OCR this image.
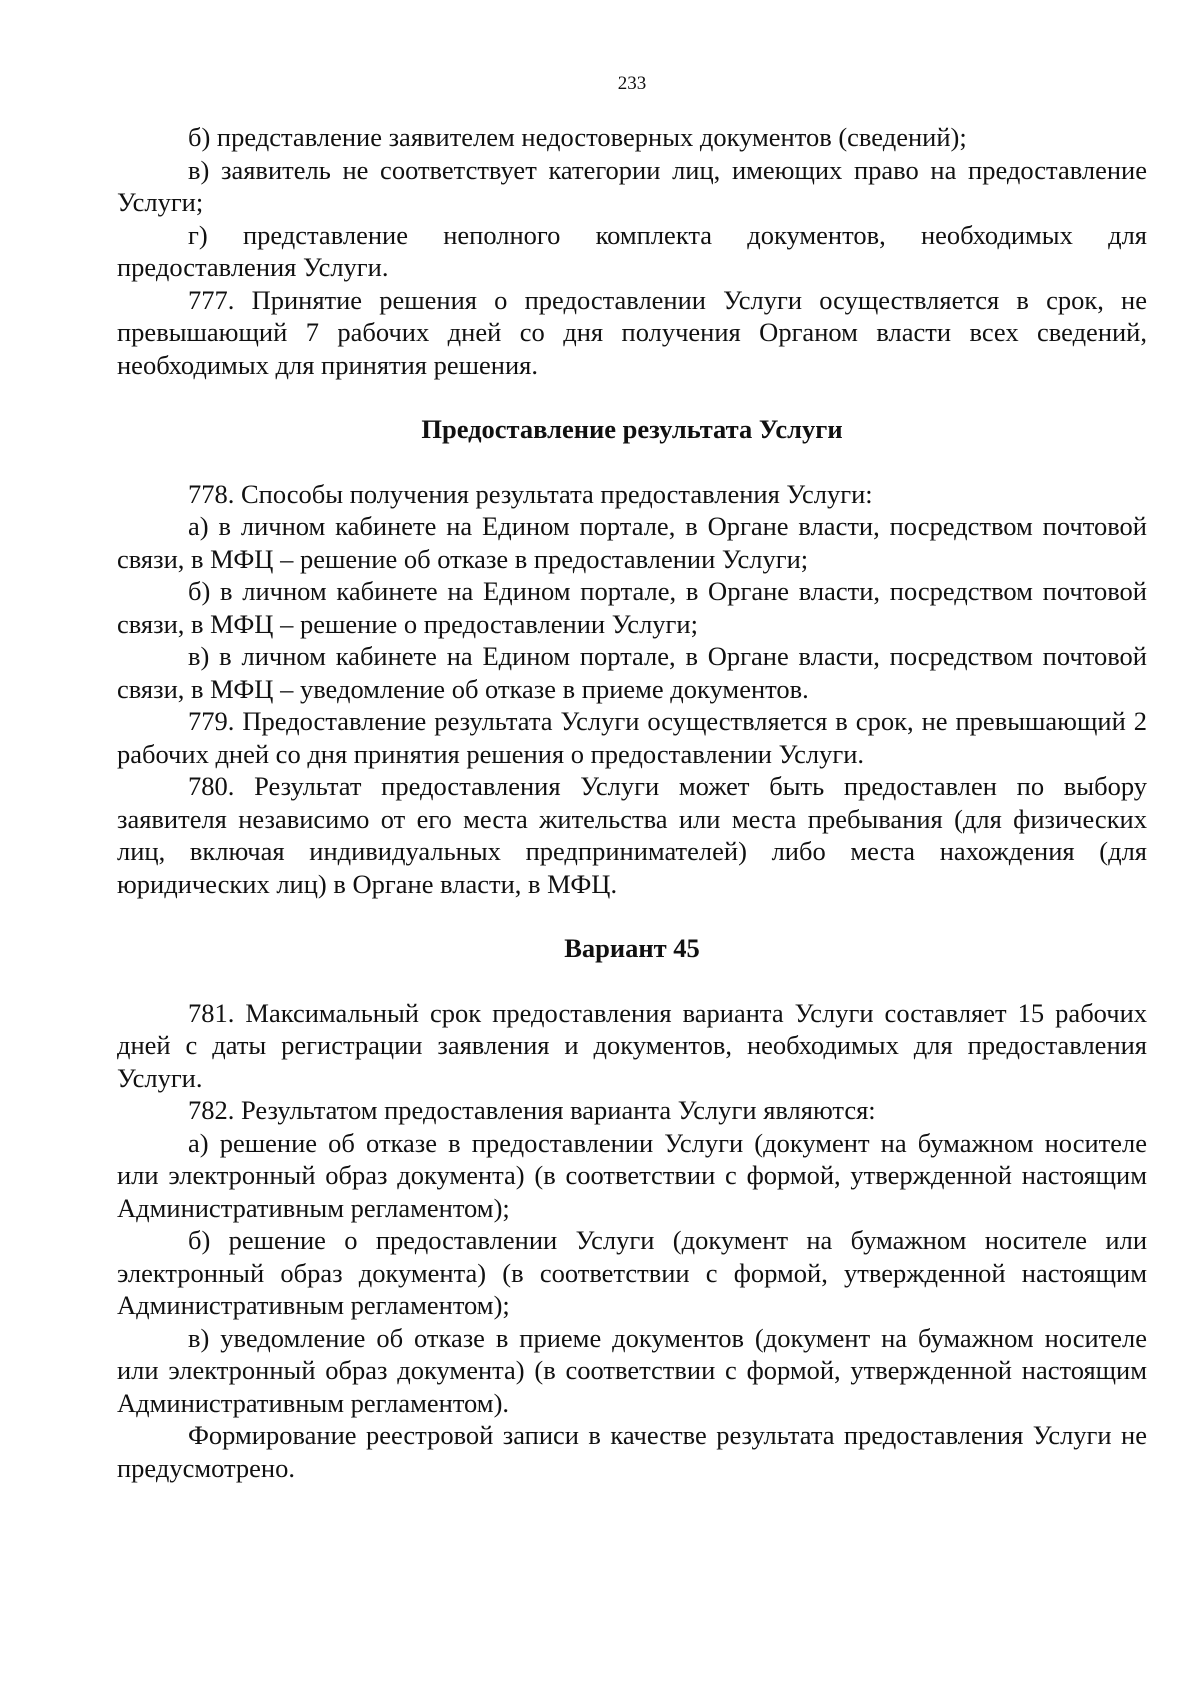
233

б) представление заявителем недостоверных документов (сведений);

в) заявитель не соответствует категории лиц, имеющих право на предоставление Услуги;

г) представление неполного комплекта документов, необходимых для предоставления Услуги.

777. Принятие решения о предоставлении Услуги осуществляется в срок, не превышающий 7 рабочих дней со дня получения Органом власти всех сведений, необходимых для принятия решения.

Предоставление результата Услуги

778. Способы получения результата предоставления Услуги:

а) в личном кабинете на Едином портале, в Органе власти, посредством почтовой связи, в МФЦ – решение об отказе в предоставлении Услуги;

б) в личном кабинете на Едином портале, в Органе власти, посредством почтовой связи, в МФЦ – решение о предоставлении Услуги;

в) в личном кабинете на Едином портале, в Органе власти, посредством почтовой связи, в МФЦ – уведомление об отказе в приеме документов.

779. Предоставление результата Услуги осуществляется в срок, не превышающий 2 рабочих дней со дня принятия решения о предоставлении Услуги.

780. Результат предоставления Услуги может быть предоставлен по выбору заявителя независимо от его места жительства или места пребывания (для физических лиц, включая индивидуальных предпринимателей) либо места нахождения (для юридических лиц) в Органе власти, в МФЦ.

Вариант 45

781. Максимальный срок предоставления варианта Услуги составляет 15 рабочих дней с даты регистрации заявления и документов, необходимых для предоставления Услуги.

782. Результатом предоставления варианта Услуги являются:

а) решение об отказе в предоставлении Услуги (документ на бумажном носителе или электронный образ документа) (в соответствии с формой, утвержденной настоящим Административным регламентом);

б) решение о предоставлении Услуги (документ на бумажном носителе или электронный образ документа) (в соответствии с формой, утвержденной настоящим Административным регламентом);

в) уведомление об отказе в приеме документов (документ на бумажном носителе или электронный образ документа) (в соответствии с формой, утвержденной настоящим Административным регламентом).

Формирование реестровой записи в качестве результата предоставления Услуги не предусмотрено.
